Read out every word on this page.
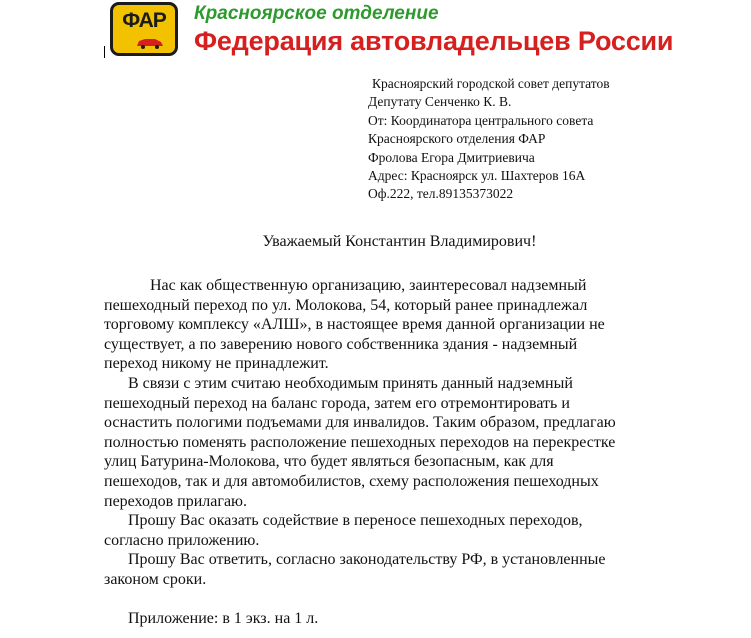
ФАР	Красноярское отделение
Федерация автовладельцев России
Красноярский городской совет депутатов
Депутату Сенченко К. В.
От: Координатора центрального совета
Красноярского отделения ФАР
Фролова Егора Дмитриевича
Адрес: Красноярск ул. Шахтеров 16А
Оф.222, тел.89135373022
Уважаемый Константин Владимирович!
Нас как общественную организацию, заинтересовал надземный
пешеходный переход по ул. Молокова, 54, который ранее принадлежал
торговому комплексу «АЛШ», в настоящее время данной организации не
существует, а по заверению нового собственника здания - надземный
переход никому не принадлежит.
В связи с этим считаю необходимым принять данный надземный
пешеходный переход на баланс города, затем его отремонтировать и
оснастить пологими подъемами для инвалидов. Таким образом, предлагаю
полностью поменять расположение пешеходных переходов на перекрестке
улиц Батурина-Молокова, что будет являться безопасным, как для
пешеходов, так и для автомобилистов, схему расположения пешеходных
переходов прилагаю.
Прошу Вас оказать содействие в переносе пешеходных переходов,
согласно приложению.
Прошу Вас ответить, согласно законодательству РФ, в установленные
законом сроки.
Приложение: в 1 экз. на 1 л.
